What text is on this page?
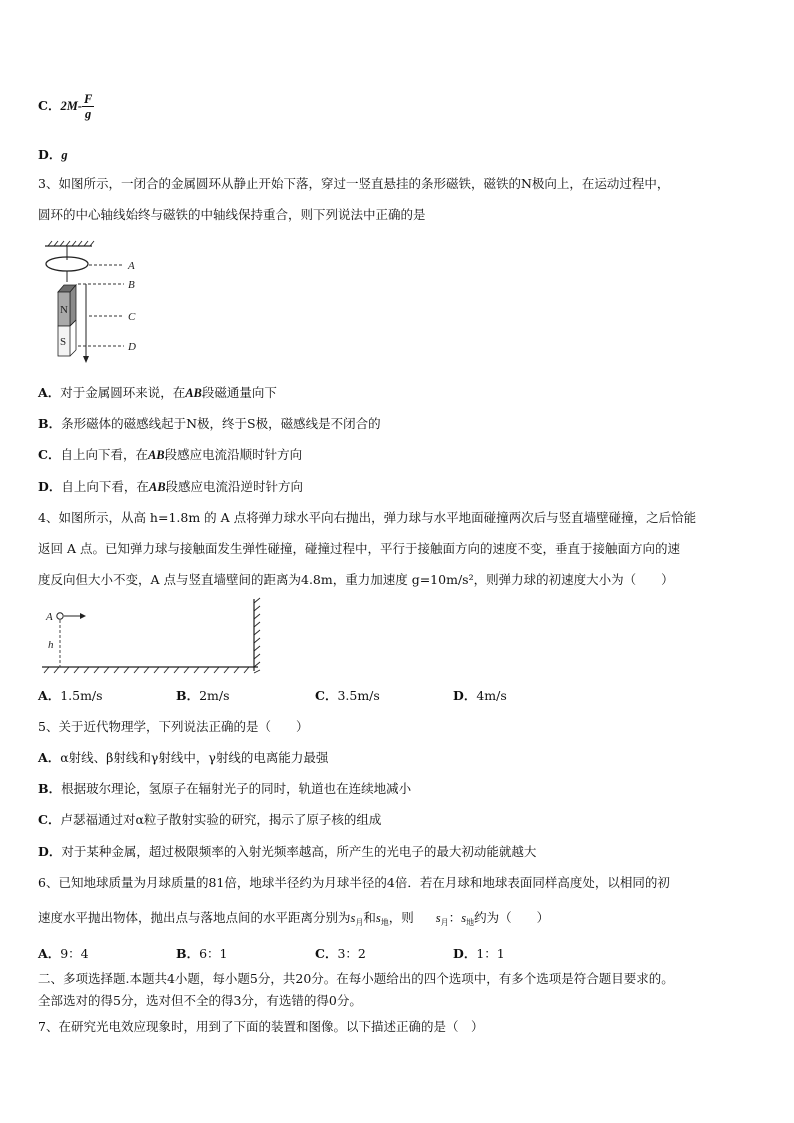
C．$2M- \frac{F}{g}$
D．g
3、如图所示，一闭合的金属圆环从静止开始下落，穿过一竖直悬挂的条形磁铁，磁铁的N极向上，在运动过程中，
圆环的中心轴线始终与磁铁的中轴线保持重合，则下列说法中正确的是
N
S
A
B
C
D
A．对于金属圆环来说，在AB段磁通量向下
B．条形磁体的磁感线起于N极，终于S极，磁感线是不闭合的
C．自上向下看，在AB段感应电流沿顺时针方向
D．自上向下看，在AB段感应电流沿逆时针方向
4、如图所示，从高 h=1.8m 的 A 点将弹力球水平向右抛出，弹力球与水平地面碰撞两次后与竖直墙壁碰撞，之后恰能
返回 A 点。已知弹力球与接触面发生弹性碰撞，碰撞过程中，平行于接触面方向的速度不变，垂直于接触面方向的速
度反向但大小不变，A 点与竖直墙壁间的距离为4.8m，重力加速度 g=10m/s²，则弹力球的初速度大小为（　　）
A
h
A．1.5m/s	B．2m/s	C．3.5m/s	D．4m/s
5、关于近代物理学，下列说法正确的是（　　）
A．α射线、β射线和γ射线中，γ射线的电离能力最强
B．根据玻尔理论，氢原子在辐射光子的同时，轨道也在连续地减小
C．卢瑟福通过对α粒子散射实验的研究，揭示了原子核的组成
D．对于某种金属，超过极限频率的入射光频率越高，所产生的光电子的最大初动能就越大
6、已知地球质量为月球质量的81倍，地球半径约为月球半径的4倍．若在月球和地球表面同样高度处，以相同的初
速度水平抛出物体，抛出点与落地点间的水平距离分别为$s_月$和$s_地$，则 $s_月$：$s_地$约为（　　）
A．9：4	B．6：1	C．3：2	D．1：1
二、多项选择题.本题共4小题，每小题5分，共20分。在每小题给出的四个选项中，有多个选项是符合题目要求的。
全部选对的得5分，选对但不全的得3分，有选错的得0分。
7、在研究光电效应现象时，用到了下面的装置和图像。以下描述正确的是（　）
